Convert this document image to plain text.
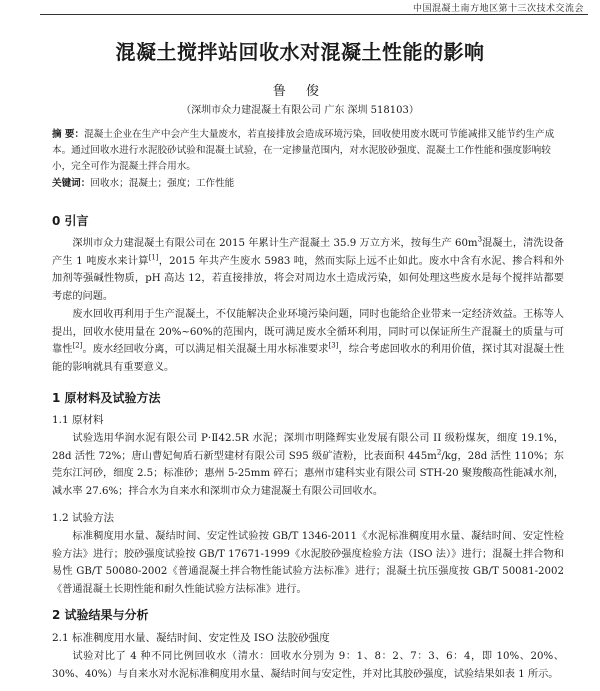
中国混凝土南方地区第十三次技术交流会
混凝土搅拌站回收水对混凝土性能的影响
鲁 俊
（深圳市众力建混凝土有限公司 广东 深圳 518103）
摘 要：混凝土企业在生产中会产生大量废水，若直接排放会造成环境污染，回收使用废水既可节能减排又能节约生产成本。通过回收水进行水泥胶砂试验和混凝土试验，在一定掺量范围内，对水泥胶砂强度、混凝土工作性能和强度影响较小，完全可作为混凝土拌合用水。
关键词：回收水；混凝土；强度；工作性能
0 引言

深圳市众力建混凝土有限公司在 2015 年累计生产混凝土 35.9 万立方米，按每生产 $60m^3$混凝土，清洗设备产生 1 吨废水来计算[1]，2015 年共产生废水 5983 吨，然而实际上远不止如此。废水中含有水泥、掺合料和外加剂等强碱性物质，pH 高达 12，若直接排放，将会对周边水土造成污染，如何处理这些废水是每个搅拌站都要考虑的问题。

废水回收再利用于生产混凝土，不仅能解决企业环境污染问题，同时也能给企业带来一定经济效益。王栋等人提出，回收水使用量在 20%~60%的范围内，既可满足废水全循环利用，同时可以保证所生产混凝土的质量与可靠性[2]。废水经回收分离，可以满足相关混凝土用水标准要求[3]，综合考虑回收水的利用价值，探讨其对混凝土性能的影响就具有重要意义。

1 原材料及试验方法
1.1 原材料

试验选用华润水泥有限公司 P·Ⅱ42.5R 水泥；深圳市明隆辉实业发展有限公司 II 级粉煤灰，细度 19.1%，28d 活性 72%；唐山曹妃甸盾石新型建材有限公司 S95 级矿渣粉，比表面积 $445m^2/kg$，28d 活性 110%；东莞东江河砂，细度 2.5；标准砂；惠州 5-25mm 碎石；惠州市建科实业有限公司 STH-20 聚羧酸高性能减水剂，减水率 27.6%；拌合水为自来水和深圳市众力建混凝土有限公司回收水。

1.2 试验方法

标准稠度用水量、凝结时间、安定性试验按 GB/T 1346-2011《水泥标准稠度用水量、凝结时间、安定性检验方法》进行；胶砂强度试验按 GB/T 17671-1999《水泥胶砂强度检验方法（ISO 法）》进行；混凝土拌合物和易性 GB/T 50080-2002《普通混凝土拌合物性能试验方法标准》进行；混凝土抗压强度按 GB/T 50081-2002《普通混凝土长期性能和耐久性能试验方法标准》进行。

2 试验结果与分析
2.1 标准稠度用水量、凝结时间、安定性及 ISO 法胶砂强度

试验对比了 4 种不同比例回收水（清水：回收水分别为 9：1、8：2、7：3、6：4，即 10%、20%、30%、40%）与自来水对水泥标准稠度用水量、凝结时间与安定性，并对比其胶砂强度，试验结果如表 1 所示。
